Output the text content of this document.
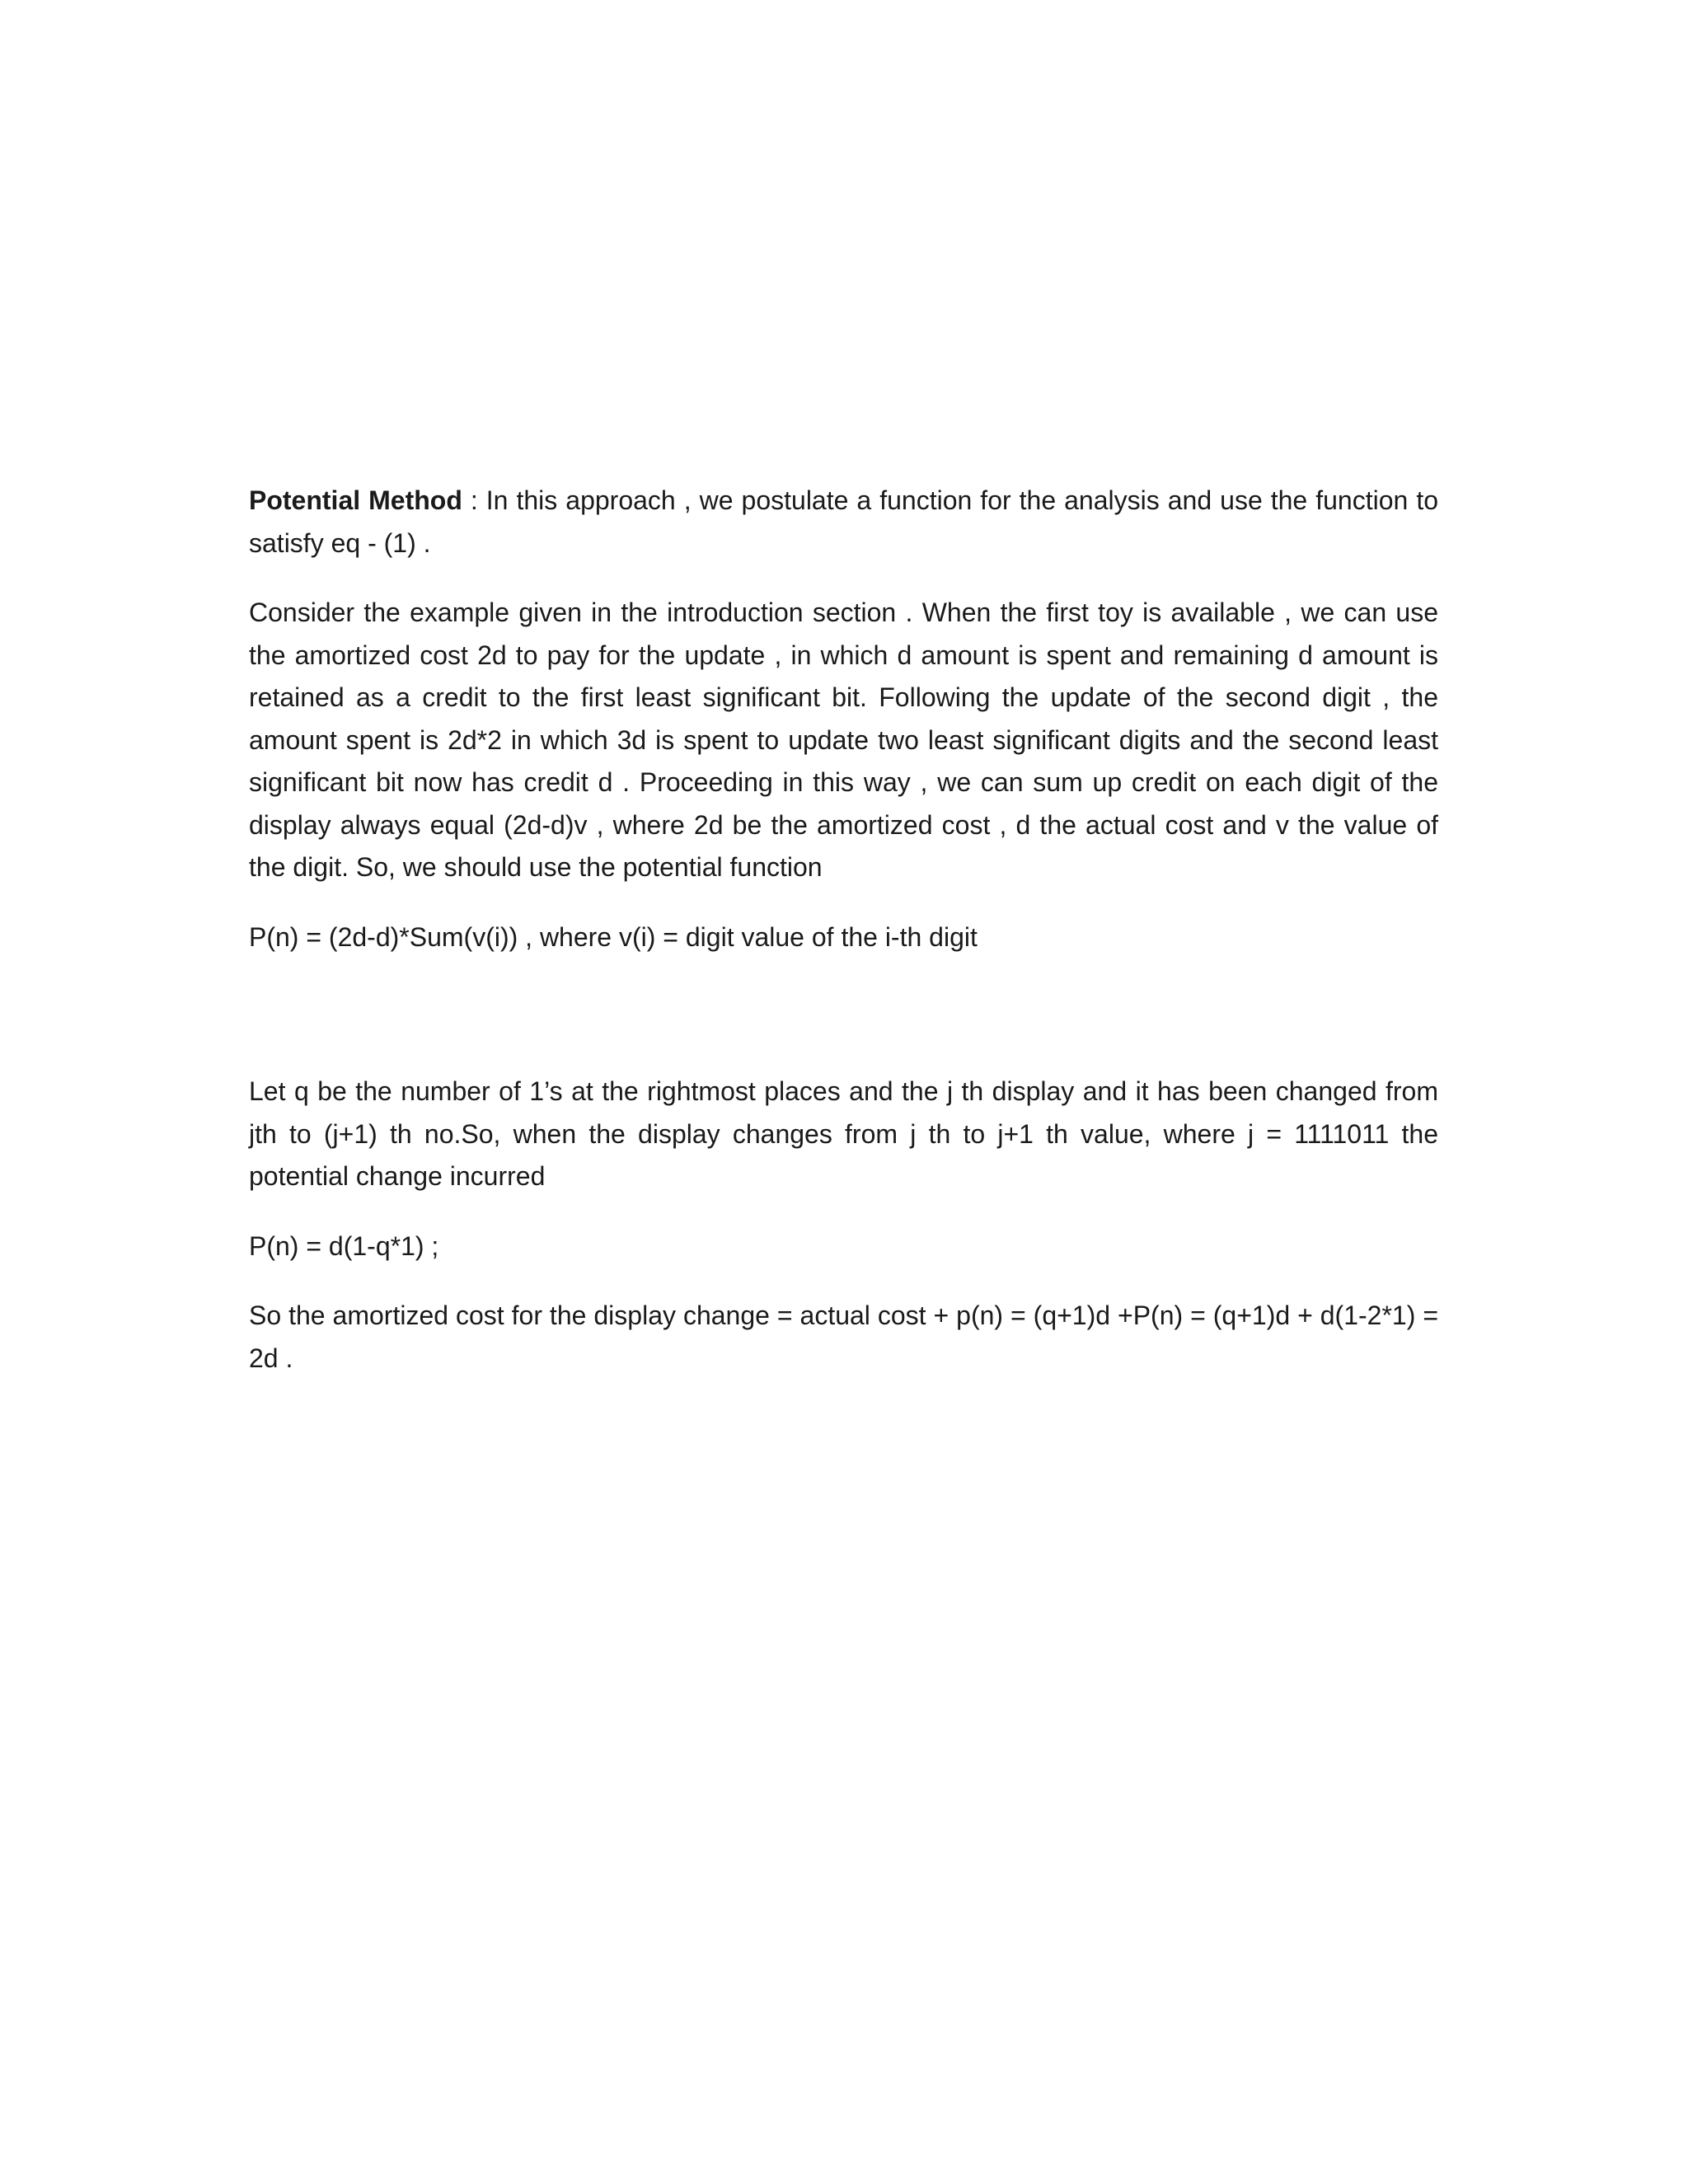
Potential Method : In this approach , we postulate a function for the analysis and use the function to satisfy eq - (1) .

Consider the example given in the introduction section . When the first toy is available , we can use the amortized cost 2d to pay for the update , in which d amount is spent and remaining d amount is retained as a credit to the first least significant bit. Following the update of the second digit , the amount spent is 2d*2 in which 3d is spent to update two least significant digits and the second least significant bit now has credit d . Proceeding in this way , we can sum up credit on each digit of the display always equal (2d-d)v , where 2d be the amortized cost , d the actual cost and v the value of the digit. So, we should use the potential function

P(n) = (2d-d)*Sum(v(i)) , where v(i) = digit value of the i-th digit

Let q be the number of 1’s at the rightmost places and the j th display and it has been changed from jth to (j+1) th no.So, when the display changes from j th to j+1 th value, where j = 1111011 the potential change incurred

P(n) = d(1-q*1) ;

So the amortized cost for the display change = actual cost + p(n) = (q+1)d +P(n) = (q+1)d + d(1-2*1) = 2d .
